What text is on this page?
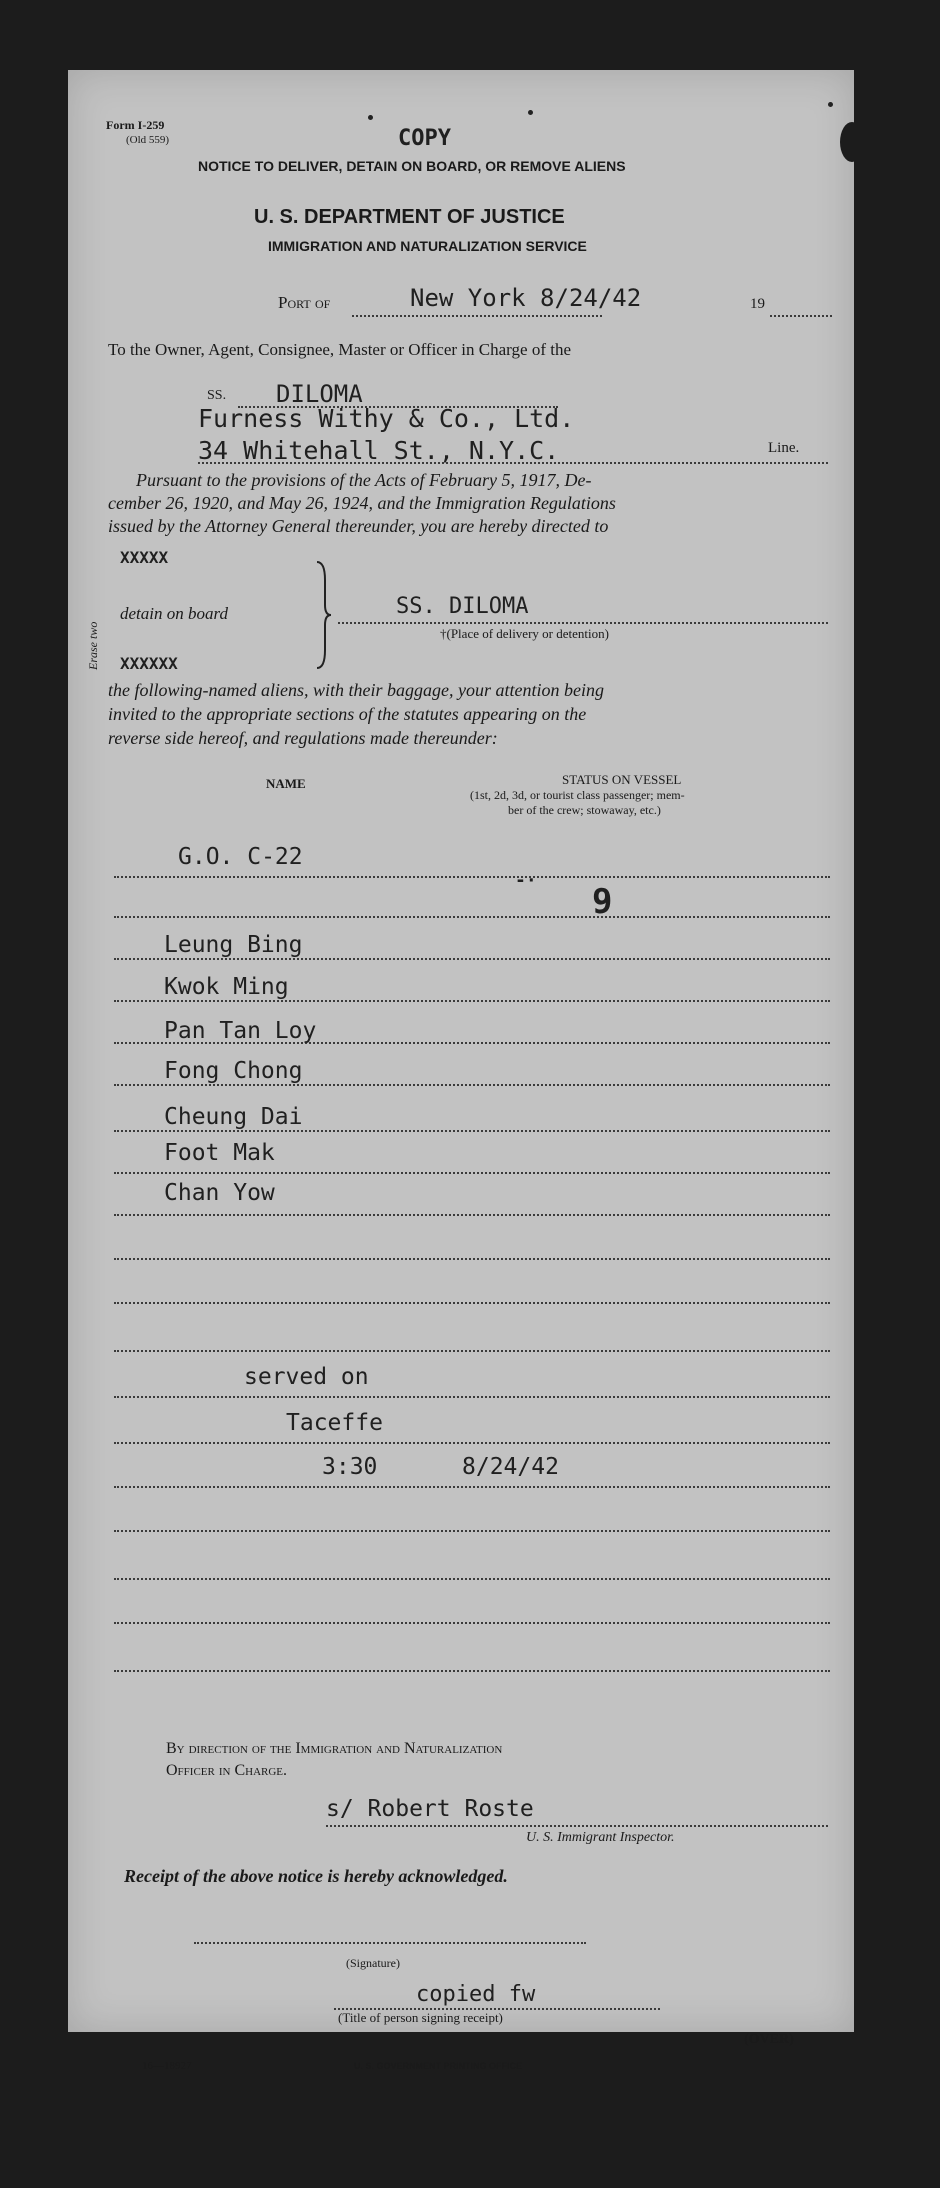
Form I-259
(Old 559)	COPY
NOTICE TO DELIVER, DETAIN ON BOARD, OR REMOVE ALIENS
U. S. DEPARTMENT OF JUSTICE
IMMIGRATION AND NATURALIZATION SERVICE
Port of	New York 8/24/42	19
To the Owner, Agent, Consignee, Master or Officer in Charge of the
SS. DILOMA
Furness Withy & Co., Ltd.
34 Whitehall St., N.Y.C.	Line.
Pursuant to the provisions of the Acts of February 5, 1917, De-
cember 26, 1920, and May 26, 1924, and the Immigration Regulations
issued by the Attorney General thereunder, you are hereby directed to
Erase two
XXXXX
detain on board
XXXXXX
SS. DILOMA
†(Place of delivery or detention)
the following-named aliens, with their baggage, your attention being
invited to the appropriate sections of the statutes appearing on the
reverse side hereof, and regulations made thereunder:
NAME	STATUS ON VESSEL
(1st, 2d, 3d, or tourist class passenger; mem-
ber of the crew; stowaway, etc.)
G.O. C-22
-·
9
Leung Bing
Kwok Ming
Pan Tan Loy
Fong Chong
Cheung Dai
Foot Mak
Chan Yow
served on
Taceffe
3:30	8/24/42
By direction of the Immigration and Naturalization
Officer in Charge.
s/ Robert Roste
U. S. Immigrant Inspector.
Receipt of the above notice is hereby acknowledged.
(Signature)
copied fw
(Title of person signing receipt)
16—18927	U. S. GOVERNMENT PRINTING OFFICE
(OVER)
